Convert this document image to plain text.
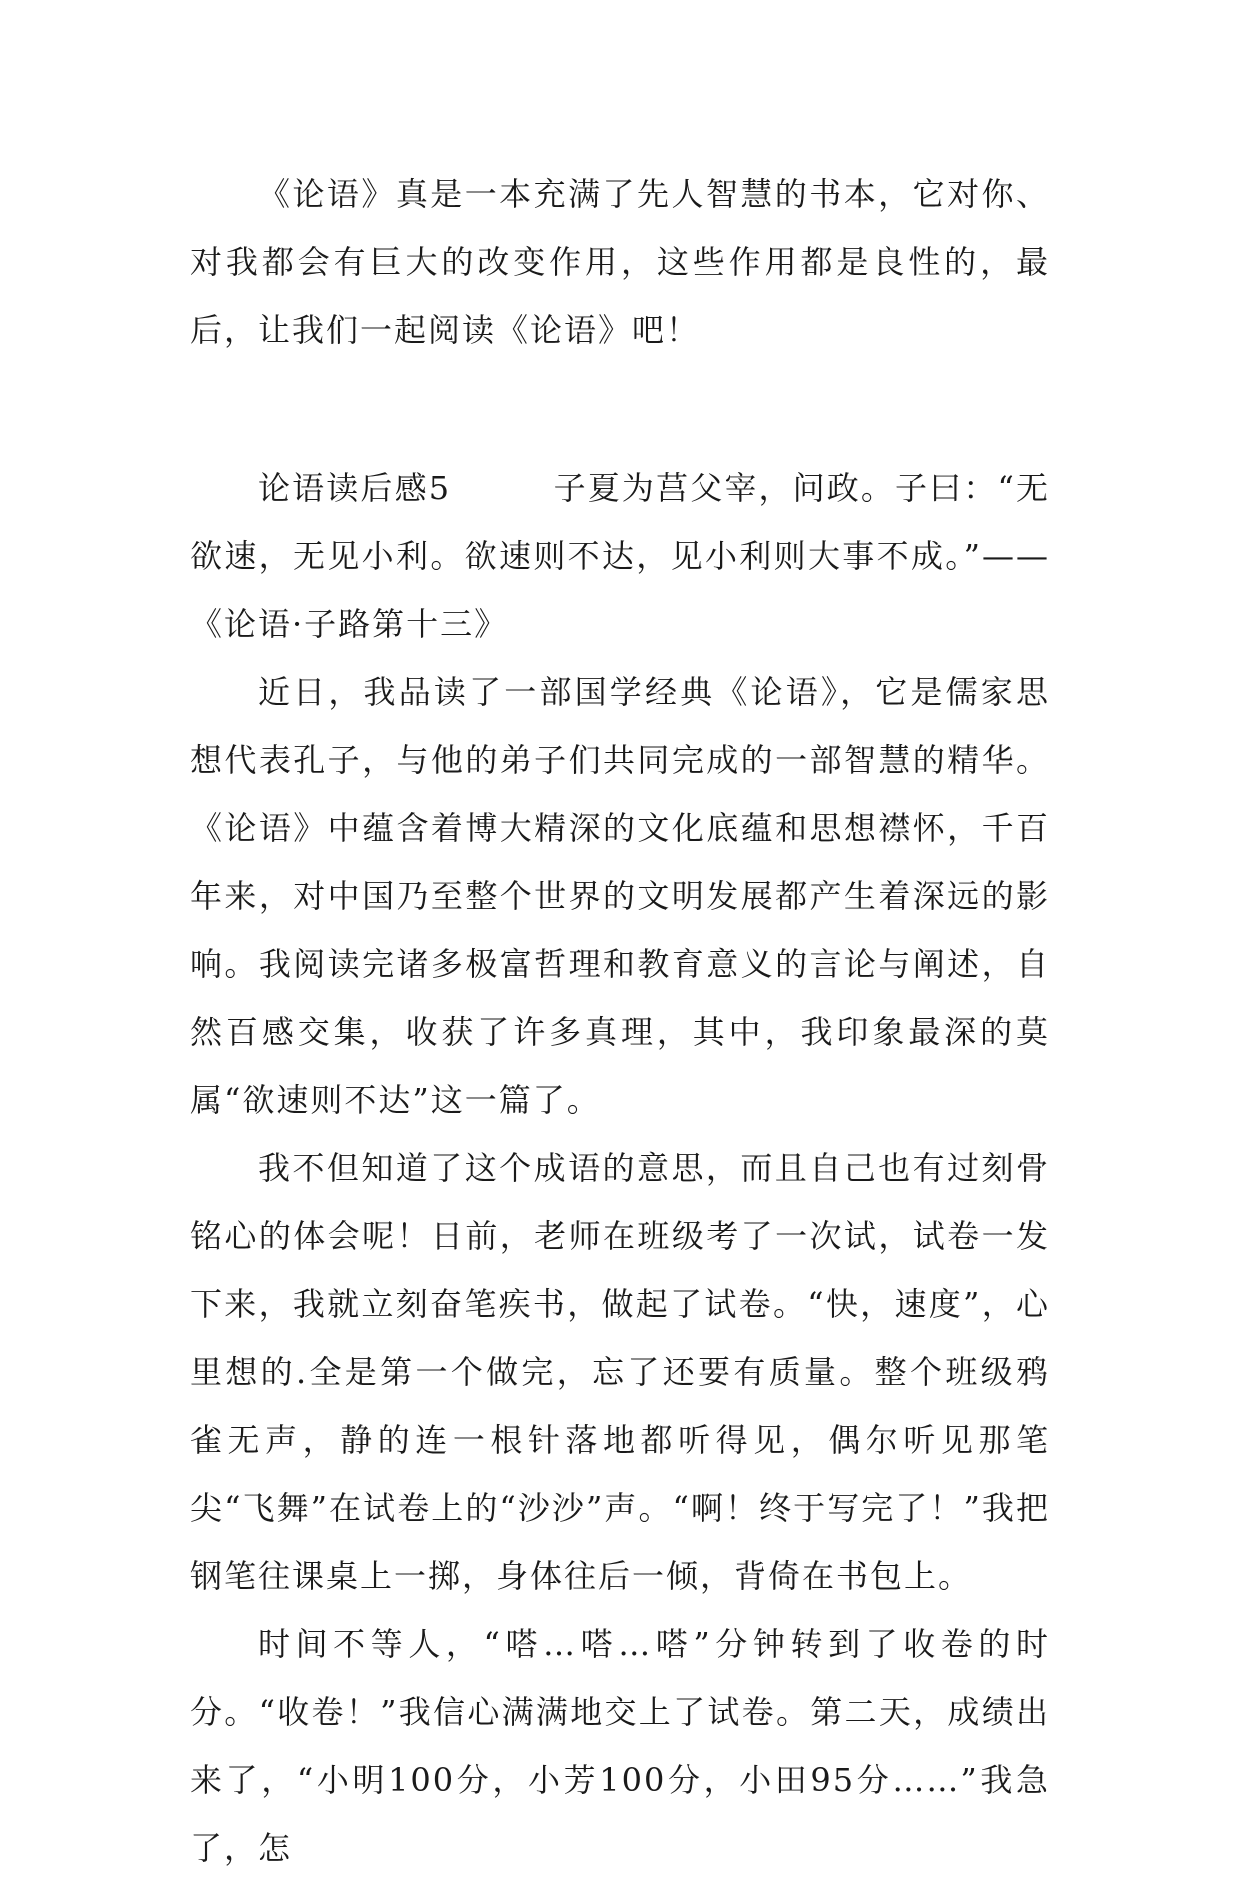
《论语》真是一本充满了先人智慧的书本，它对你、对我都会有巨大的改变作用，这些作用都是良性的，最后，让我们一起阅读《论语》吧！

论语读后感5　　　子夏为莒父宰，问政。子曰：“无欲速，无见小利。欲速则不达，见小利则大事不成。”——《论语·子路第十三》

近日，我品读了一部国学经典《论语》，它是儒家思想代表孔子，与他的弟子们共同完成的一部智慧的精华。《论语》中蕴含着博大精深的文化底蕴和思想襟怀，千百年来，对中国乃至整个世界的文明发展都产生着深远的影响。我阅读完诸多极富哲理和教育意义的言论与阐述，自然百感交集，收获了许多真理，其中，我印象最深的莫属“欲速则不达”这一篇了。

我不但知道了这个成语的意思，而且自己也有过刻骨铭心的体会呢！日前，老师在班级考了一次试，试卷一发下来，我就立刻奋笔疾书，做起了试卷。“快，速度”，心里想的.全是第一个做完，忘了还要有质量。整个班级鸦雀无声，静的连一根针落地都听得见，偶尔听见那笔尖“飞舞”在试卷上的“沙沙”声。“啊！终于写完了！”我把钢笔往课桌上一掷，身体往后一倾，背倚在书包上。

时间不等人，“嗒…嗒…嗒”分钟转到了收卷的时分。“收卷！”我信心满满地交上了试卷。第二天，成绩出来了，“小明100分，小芳100分，小田95分……”我急了，怎
